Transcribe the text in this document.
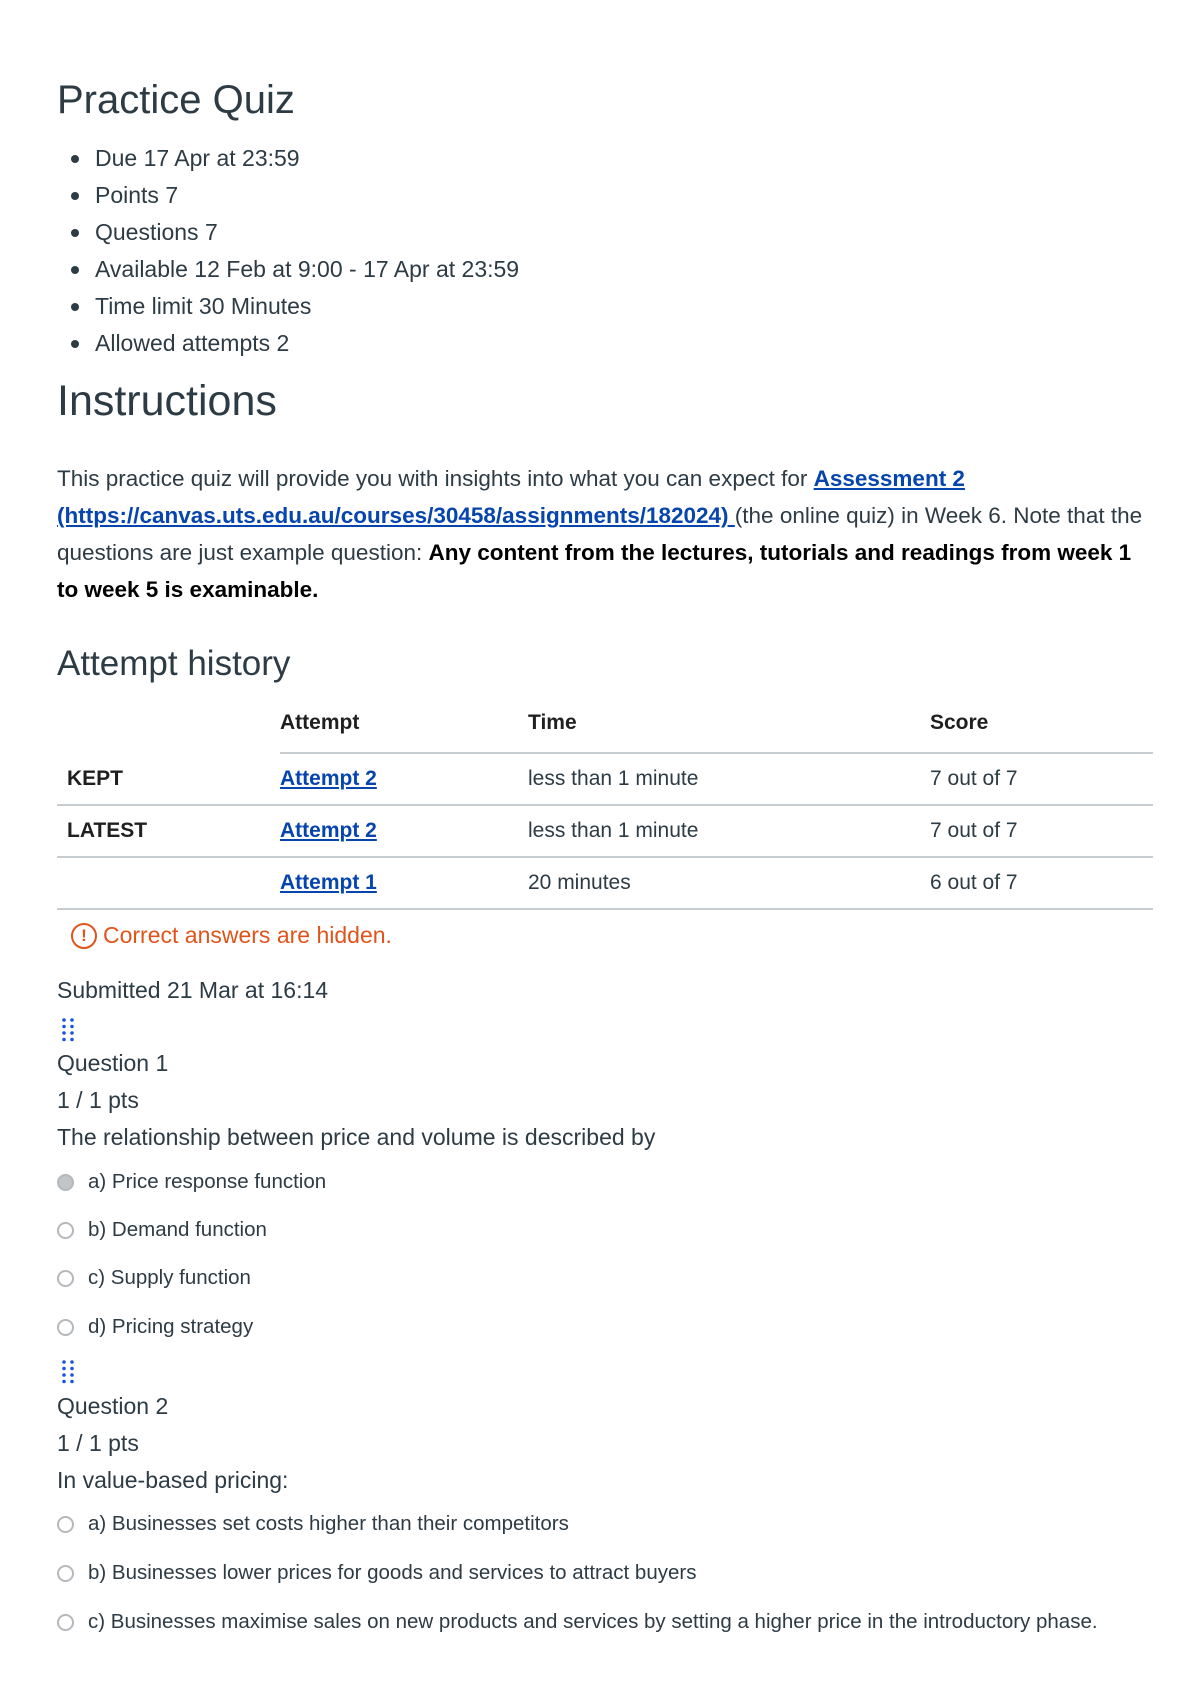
Practice Quiz
Due 17 Apr at 23:59
Points 7
Questions 7
Available 12 Feb at 9:00 - 17 Apr at 23:59
Time limit 30 Minutes
Allowed attempts 2
Instructions

This practice quiz will provide you with insights into what you can expect for Assessment 2 (https://canvas.uts.edu.au/courses/30458/assignments/182024) (the online quiz) in Week 6. Note that the questions are just example question: Any content from the lectures, tutorials and readings from week 1 to week 5 is examinable.

Attempt history
	Attempt	Time	Score
KEPT	Attempt 2	less than 1 minute	7 out of 7
LATEST	Attempt 2	less than 1 minute	7 out of 7
	Attempt 1	20 minutes	6 out of 7
! Correct answers are hidden.
Submitted 21 Mar at 16:14
Question 1
1 / 1 pts
The relationship between price and volume is described by
a) Price response function
b) Demand function
c) Supply function
d) Pricing strategy
Question 2
1 / 1 pts
In value-based pricing:
a) Businesses set costs higher than their competitors
b) Businesses lower prices for goods and services to attract buyers
c) Businesses maximise sales on new products and services by setting a higher price in the introductory phase.
